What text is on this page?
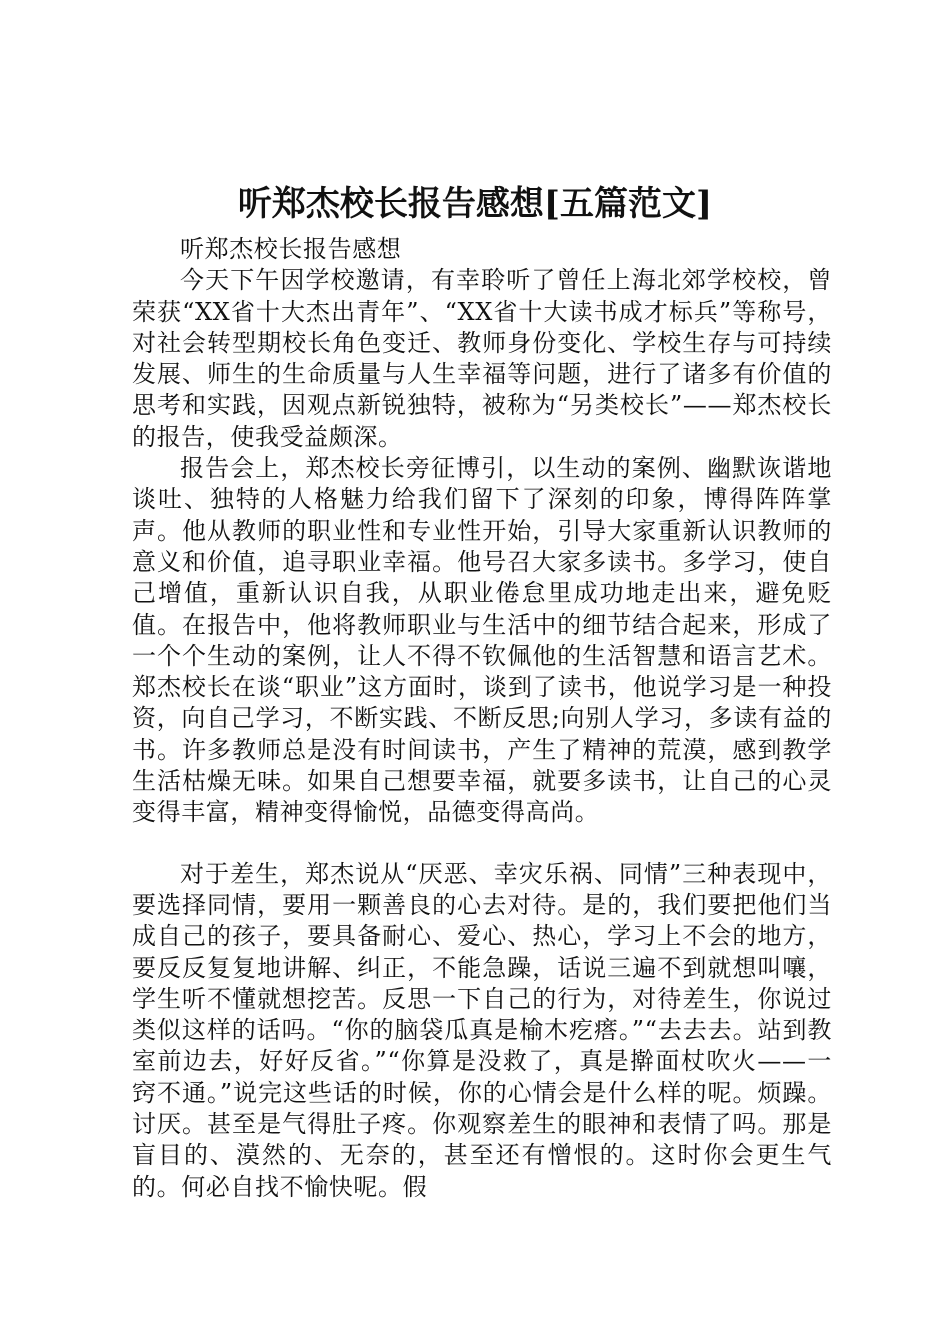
听郑杰校长报告感想[五篇范文]

听郑杰校长报告感想

今天下午因学校邀请，有幸聆听了曾任上海北郊学校校，曾荣获“XX省十大杰出青年”、“XX省十大读书成才标兵”等称号，对社会转型期校长角色变迁、教师身份变化、学校生存与可持续发展、师生的生命质量与人生幸福等问题，进行了诸多有价值的思考和实践，因观点新锐独特，被称为“另类校长”——郑杰校长的报告，使我受益颇深。

报告会上，郑杰校长旁征博引，以生动的案例、幽默诙谐地谈吐、独特的人格魅力给我们留下了深刻的印象，博得阵阵掌声。他从教师的职业性和专业性开始，引导大家重新认识教师的意义和价值，追寻职业幸福。他号召大家多读书。多学习，使自己增值，重新认识自我，从职业倦怠里成功地走出来，避免贬值。在报告中，他将教师职业与生活中的细节结合起来，形成了一个个生动的案例，让人不得不钦佩他的生活智慧和语言艺术。郑杰校长在谈“职业”这方面时，谈到了读书，他说学习是一种投资，向自己学习，不断实践、不断反思;向别人学习，多读有益的书。许多教师总是没有时间读书，产生了精神的荒漠，感到教学生活枯燥无味。如果自己想要幸福，就要多读书，让自己的心灵变得丰富，精神变得愉悦，品德变得高尚。

对于差生，郑杰说从“厌恶、幸灾乐祸、同情”三种表现中，要选择同情，要用一颗善良的心去对待。是的，我们要把他们当成自己的孩子，要具备耐心、爱心、热心，学习上不会的地方，要反反复复地讲解、纠正，不能急躁，话说三遍不到就想叫嚷，学生听不懂就想挖苦。反思一下自己的行为，对待差生，你说过类似这样的话吗。“你的脑袋瓜真是榆木疙瘩。”“去去去。站到教室前边去，好好反省。”“你算是没救了，真是擀面杖吹火——一窍不通。”说完这些话的时候，你的心情会是什么样的呢。烦躁。讨厌。甚至是气得肚子疼。你观察差生的眼神和表情了吗。那是盲目的、漠然的、无奈的，甚至还有憎恨的。这时你会更生气的。何必自找不愉快呢。假
